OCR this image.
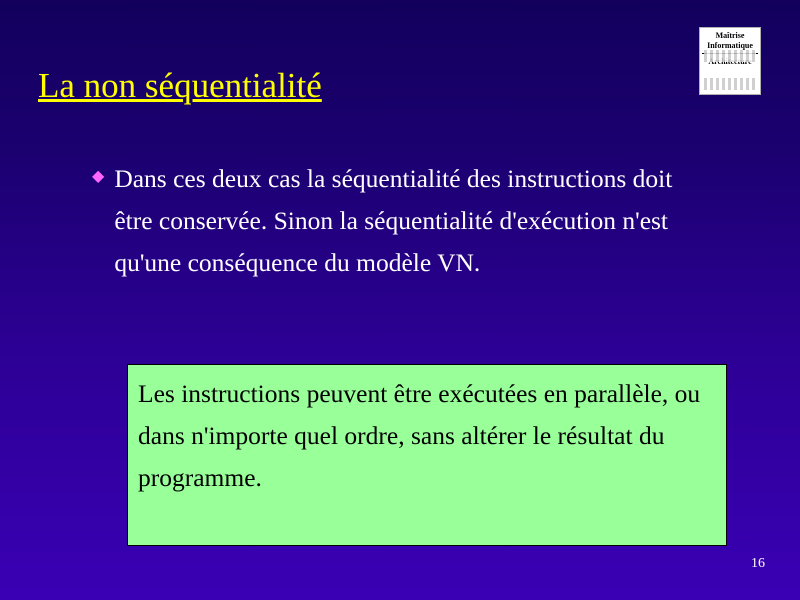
Maîtrise
Informatique
La non séquentialité
◆ Dans ces deux cas la séquentialité des instructions doit être conservée. Sinon la séquentialité d'exécution n'est qu'une conséquence du modèle VN.
Les instructions peuvent être exécutées en parallèle, ou dans n'importe quel ordre, sans altérer le résultat du programme.
16
